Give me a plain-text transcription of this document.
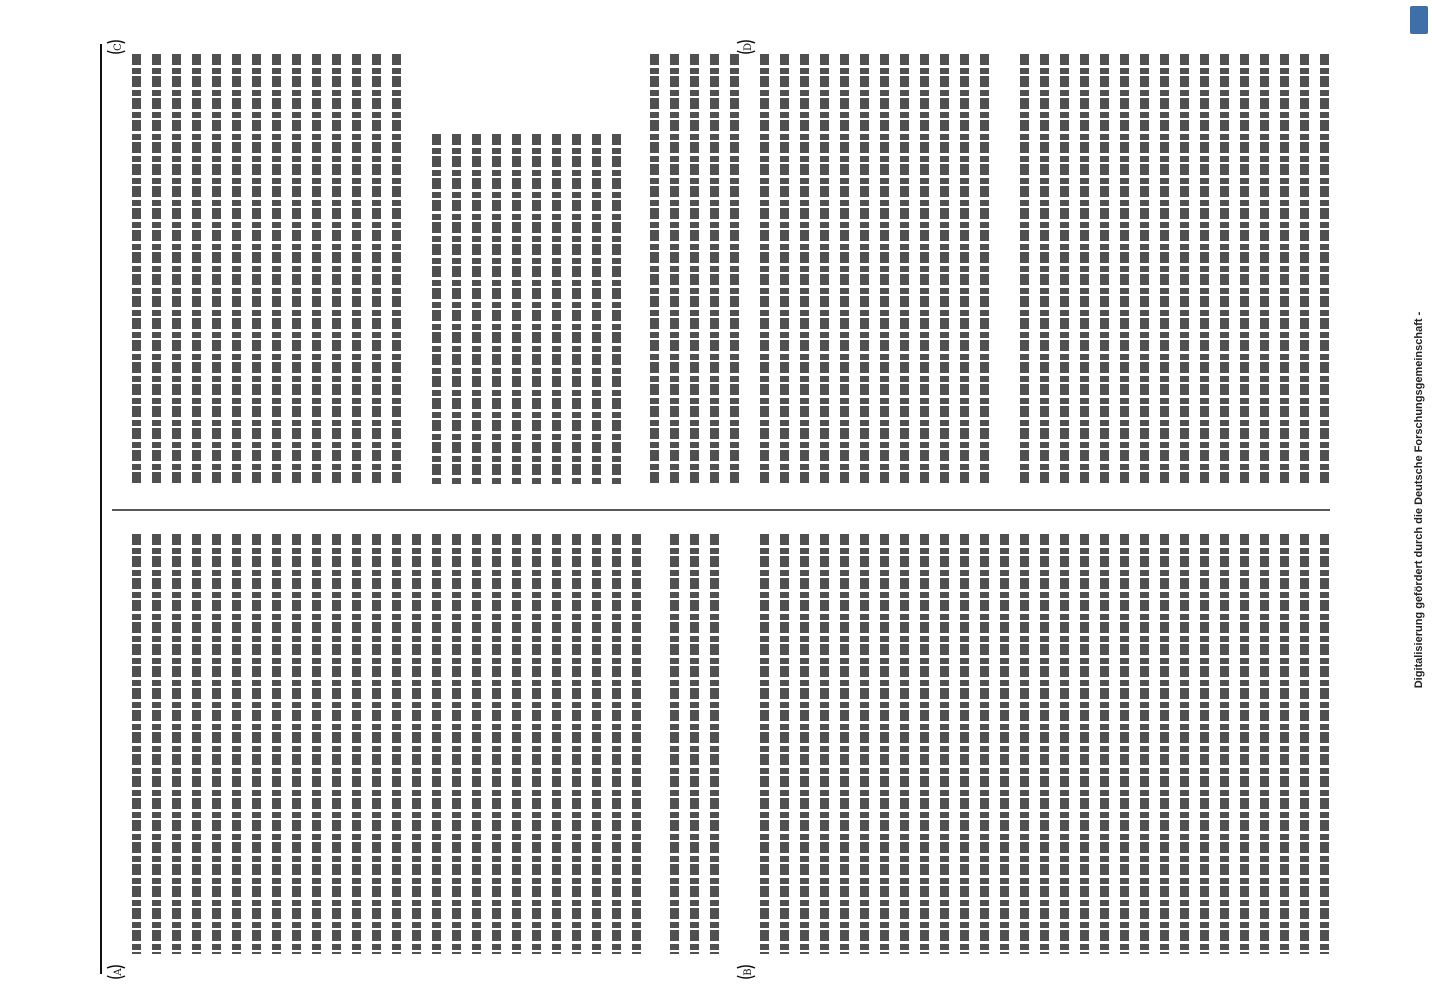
A	B
C	D
Digitalisierung gefördert durch die Deutsche Forschungsgemeinschaft -
